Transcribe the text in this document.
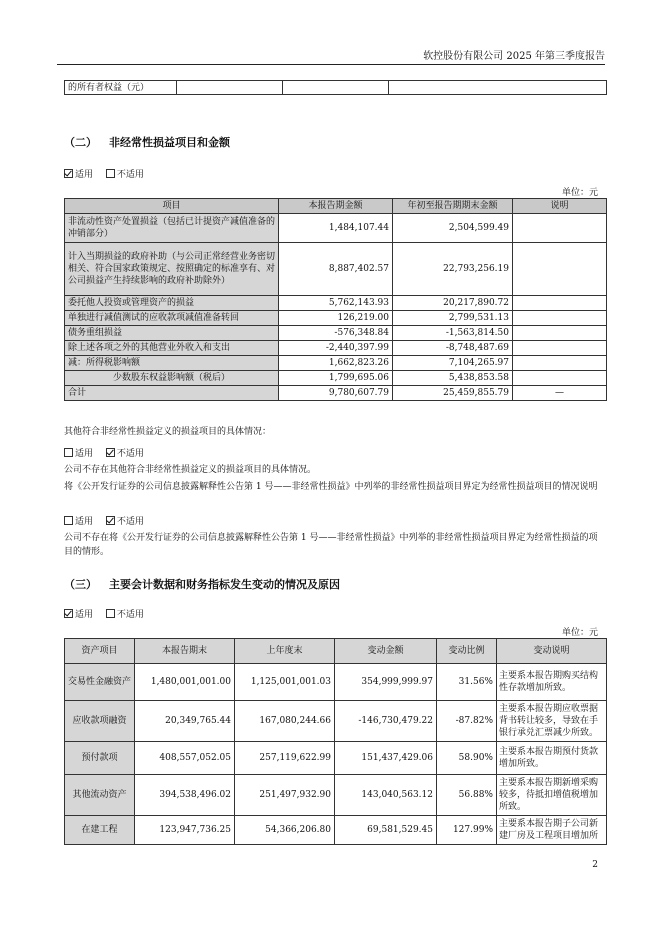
软控股份有限公司 2025 年第三季度报告
的所有者权益（元）			
（二） 非经常性损益项目和金额
适用	不适用
单位：元
项目	本报告期金额	年初至报告期期末金额	说明
非流动性资产处置损益（包括已计提资产减值准备的冲销部分）	1,484,107.44	2,504,599.49	
计入当期损益的政府补助（与公司正常经营业务密切相关、符合国家政策规定、按照确定的标准享有、对公司损益产生持续影响的政府补助除外）	8,887,402.57	22,793,256.19	
委托他人投资或管理资产的损益	5,762,143.93	20,217,890.72	
单独进行减值测试的应收款项减值准备转回	126,219.00	2,799,531.13	
债务重组损益	-576,348.84	-1,563,814.50	
除上述各项之外的其他营业外收入和支出	-2,440,397.99	-8,748,487.69	
减：所得税影响额	1,662,823.26	7,104,265.97	
少数股东权益影响额（税后）	1,799,695.06	5,438,853.58	
合计	9,780,607.79	25,459,855.79	—
其他符合非经常性损益定义的损益项目的具体情况：
适用	不适用
公司不存在其他符合非经常性损益定义的损益项目的具体情况。
将《公开发行证券的公司信息披露解释性公告第 1 号——非经常性损益》中列举的非经常性损益项目界定为经常性损益项目的情况说明
适用	不适用
公司不存在将《公开发行证券的公司信息披露解释性公告第 1 号——非经常性损益》中列举的非经常性损益项目界定为经常性损益的项目的情形。
（三） 主要会计数据和财务指标发生变动的情况及原因
适用	不适用
单位：元
资产项目	本报告期末	上年度末	变动金额	变动比例	变动说明
交易性金融资产	1,480,001,001.00	1,125,001,001.03	354,999,999.97	31.56%	主要系本报告期购买结构性存款增加所致。
应收款项融资	20,349,765.44	167,080,244.66	-146,730,479.22	-87.82%	主要系本报告期应收票据背书转让较多，导致在手银行承兑汇票减少所致。
预付款项	408,557,052.05	257,119,622.99	151,437,429.06	58.90%	主要系本报告期预付货款增加所致。
其他流动资产	394,538,496.02	251,497,932.90	143,040,563.12	56.88%	主要系本报告期新增采购较多，待抵扣增值税增加所致。
在建工程	123,947,736.25	54,366,206.80	69,581,529.45	127.99%	主要系本报告期子公司新建厂房及工程项目增加所
2
